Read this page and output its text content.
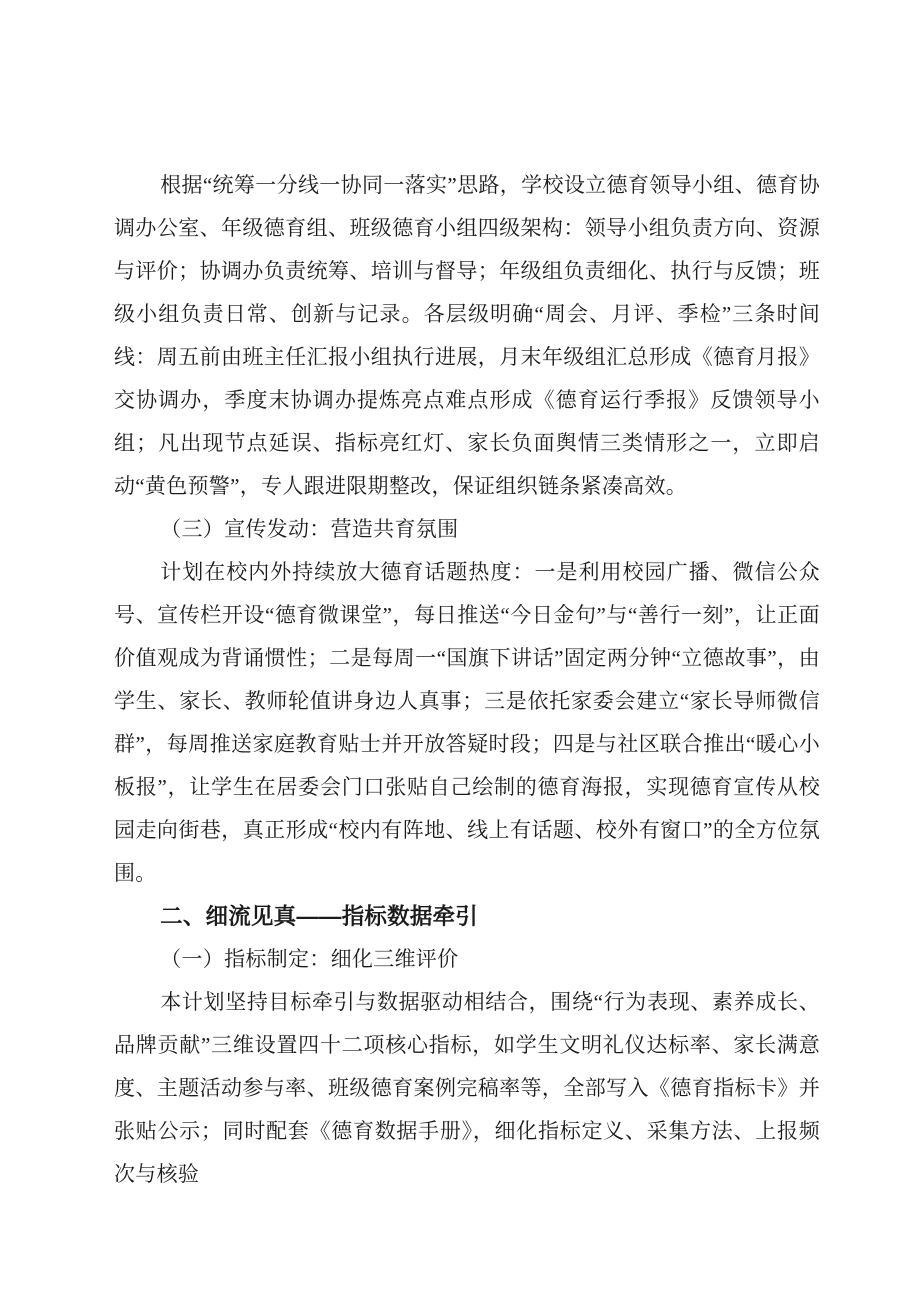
根据“统筹一分线一协同一落实”思路，学校设立德育领导小组、德育协调办公室、年级德育组、班级德育小组四级架构：领导小组负责方向、资源与评价；协调办负责统筹、培训与督导；年级组负责细化、执行与反馈；班级小组负责日常、创新与记录。各层级明确“周会、月评、季检”三条时间线：周五前由班主任汇报小组执行进展，月末年级组汇总形成《德育月报》交协调办，季度末协调办提炼亮点难点形成《德育运行季报》反馈领导小组；凡出现节点延误、指标亮红灯、家长负面舆情三类情形之一，立即启动“黄色预警”，专人跟进限期整改，保证组织链条紧凑高效。

（三）宣传发动：营造共育氛围

计划在校内外持续放大德育话题热度：一是利用校园广播、微信公众号、宣传栏开设“德育微课堂”，每日推送“今日金句”与“善行一刻”，让正面价值观成为背诵惯性；二是每周一“国旗下讲话”固定两分钟“立德故事”，由学生、家长、教师轮值讲身边人真事；三是依托家委会建立“家长导师微信群”，每周推送家庭教育贴士并开放答疑时段；四是与社区联合推出“暖心小板报”，让学生在居委会门口张贴自己绘制的德育海报，实现德育宣传从校园走向街巷，真正形成“校内有阵地、线上有话题、校外有窗口”的全方位氛围。

二、细流见真——指标数据牵引

（一）指标制定：细化三维评价

本计划坚持目标牵引与数据驱动相结合，围绕“行为表现、素养成长、品牌贡献”三维设置四十二项核心指标，如学生文明礼仪达标率、家长满意度、主题活动参与率、班级德育案例完稿率等，全部写入《德育指标卡》并张贴公示；同时配套《德育数据手册》，细化指标定义、采集方法、上报频次与核验
